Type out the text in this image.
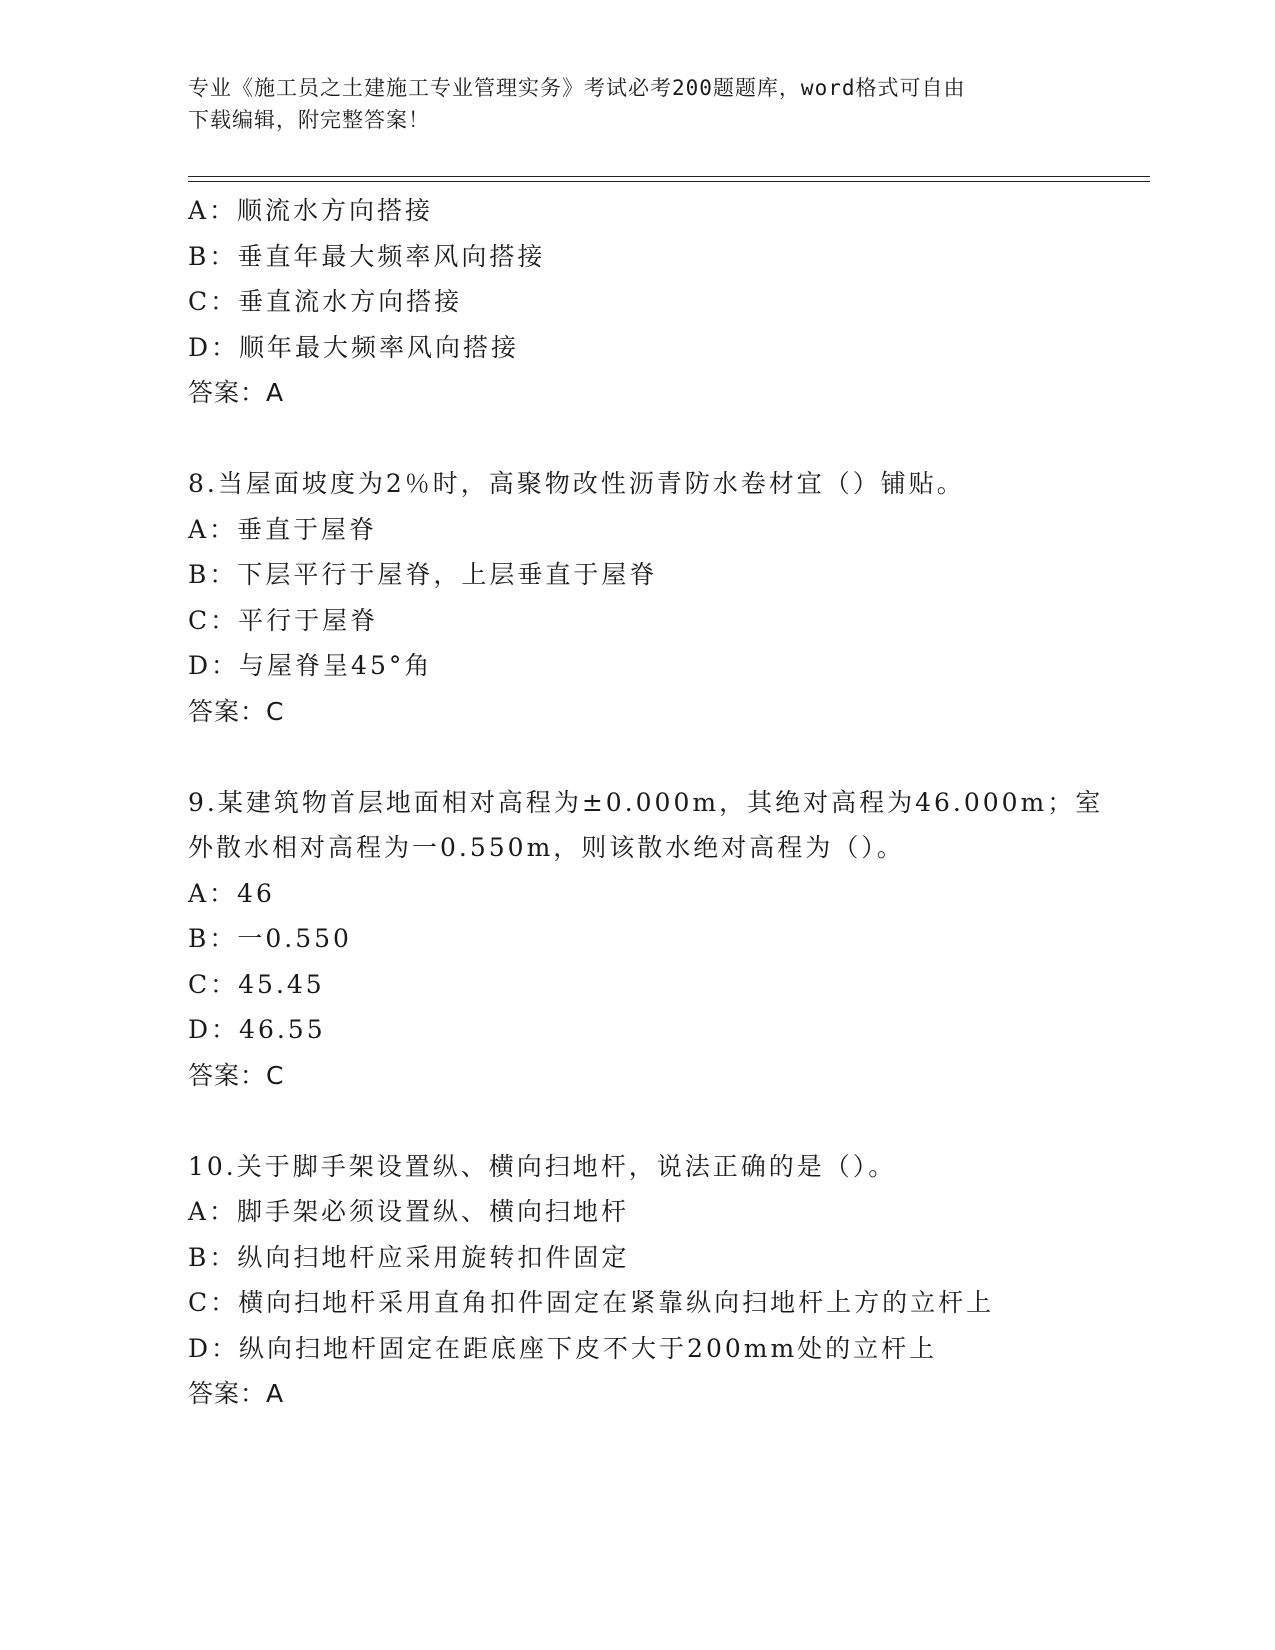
专业《施工员之土建施工专业管理实务》考试必考200题题库，word格式可自由
下载编辑，附完整答案！
A：顺流水方向搭接
B：垂直年最大频率风向搭接
C：垂直流水方向搭接
D：顺年最大频率风向搭接
答案：A
8.当屋面坡度为2％时，高聚物改性沥青防水卷材宜（）铺贴。
A：垂直于屋脊
B：下层平行于屋脊，上层垂直于屋脊
C：平行于屋脊
D：与屋脊呈45°角
答案：C
9.某建筑物首层地面相对高程为±0.000m，其绝对高程为46.000m；室
外散水相对高程为一0.550m，则该散水绝对高程为（）。
A：46
B：一0.550
C：45.45
D：46.55
答案：C
10.关于脚手架设置纵、横向扫地杆，说法正确的是（）。
A：脚手架必须设置纵、横向扫地杆
B：纵向扫地杆应采用旋转扣件固定
C：横向扫地杆采用直角扣件固定在紧靠纵向扫地杆上方的立杆上
D：纵向扫地杆固定在距底座下皮不大于200mm处的立杆上
答案：A
